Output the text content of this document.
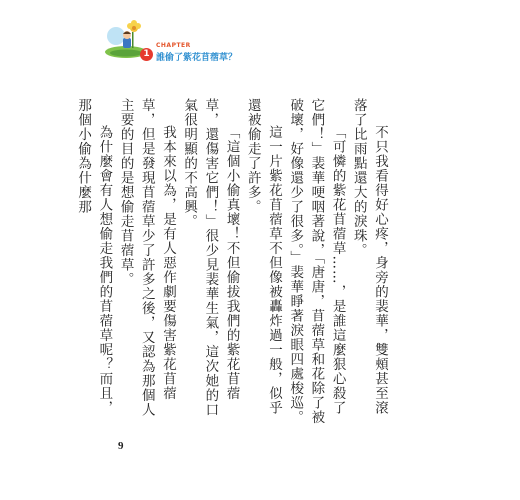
1
CHAPTER
誰偷了紫花苜蓿草？

不只我看得好心疼，身旁的裴華，雙頰甚至滾落了比雨點還大的淚珠。

「可憐的紫花苜蓿草……，是誰這麼狠心殺了它們！」裴華哽咽著說，「唐唐，苜蓿草和花除了被破壞，好像還少了很多。」裴華睜著淚眼四處梭巡。

這一片紫花苜蓿草不但像被轟炸過一般，似乎還被偷走了許多。

「這個小偷真壞！不但偷拔我們的紫花苜蓿草，還傷害它們！」很少見裴華生氣，這次她的口氣很明顯的不高興。

我本來以為，是有人惡作劇要傷害紫花苜蓿草，但是發現苜蓿草少了許多之後，又認為那個人主要的目的是想偷走苜蓿草。

為什麼會有人想偷走我們的苜蓿草呢？而且，那個小偷為什麼那

9
